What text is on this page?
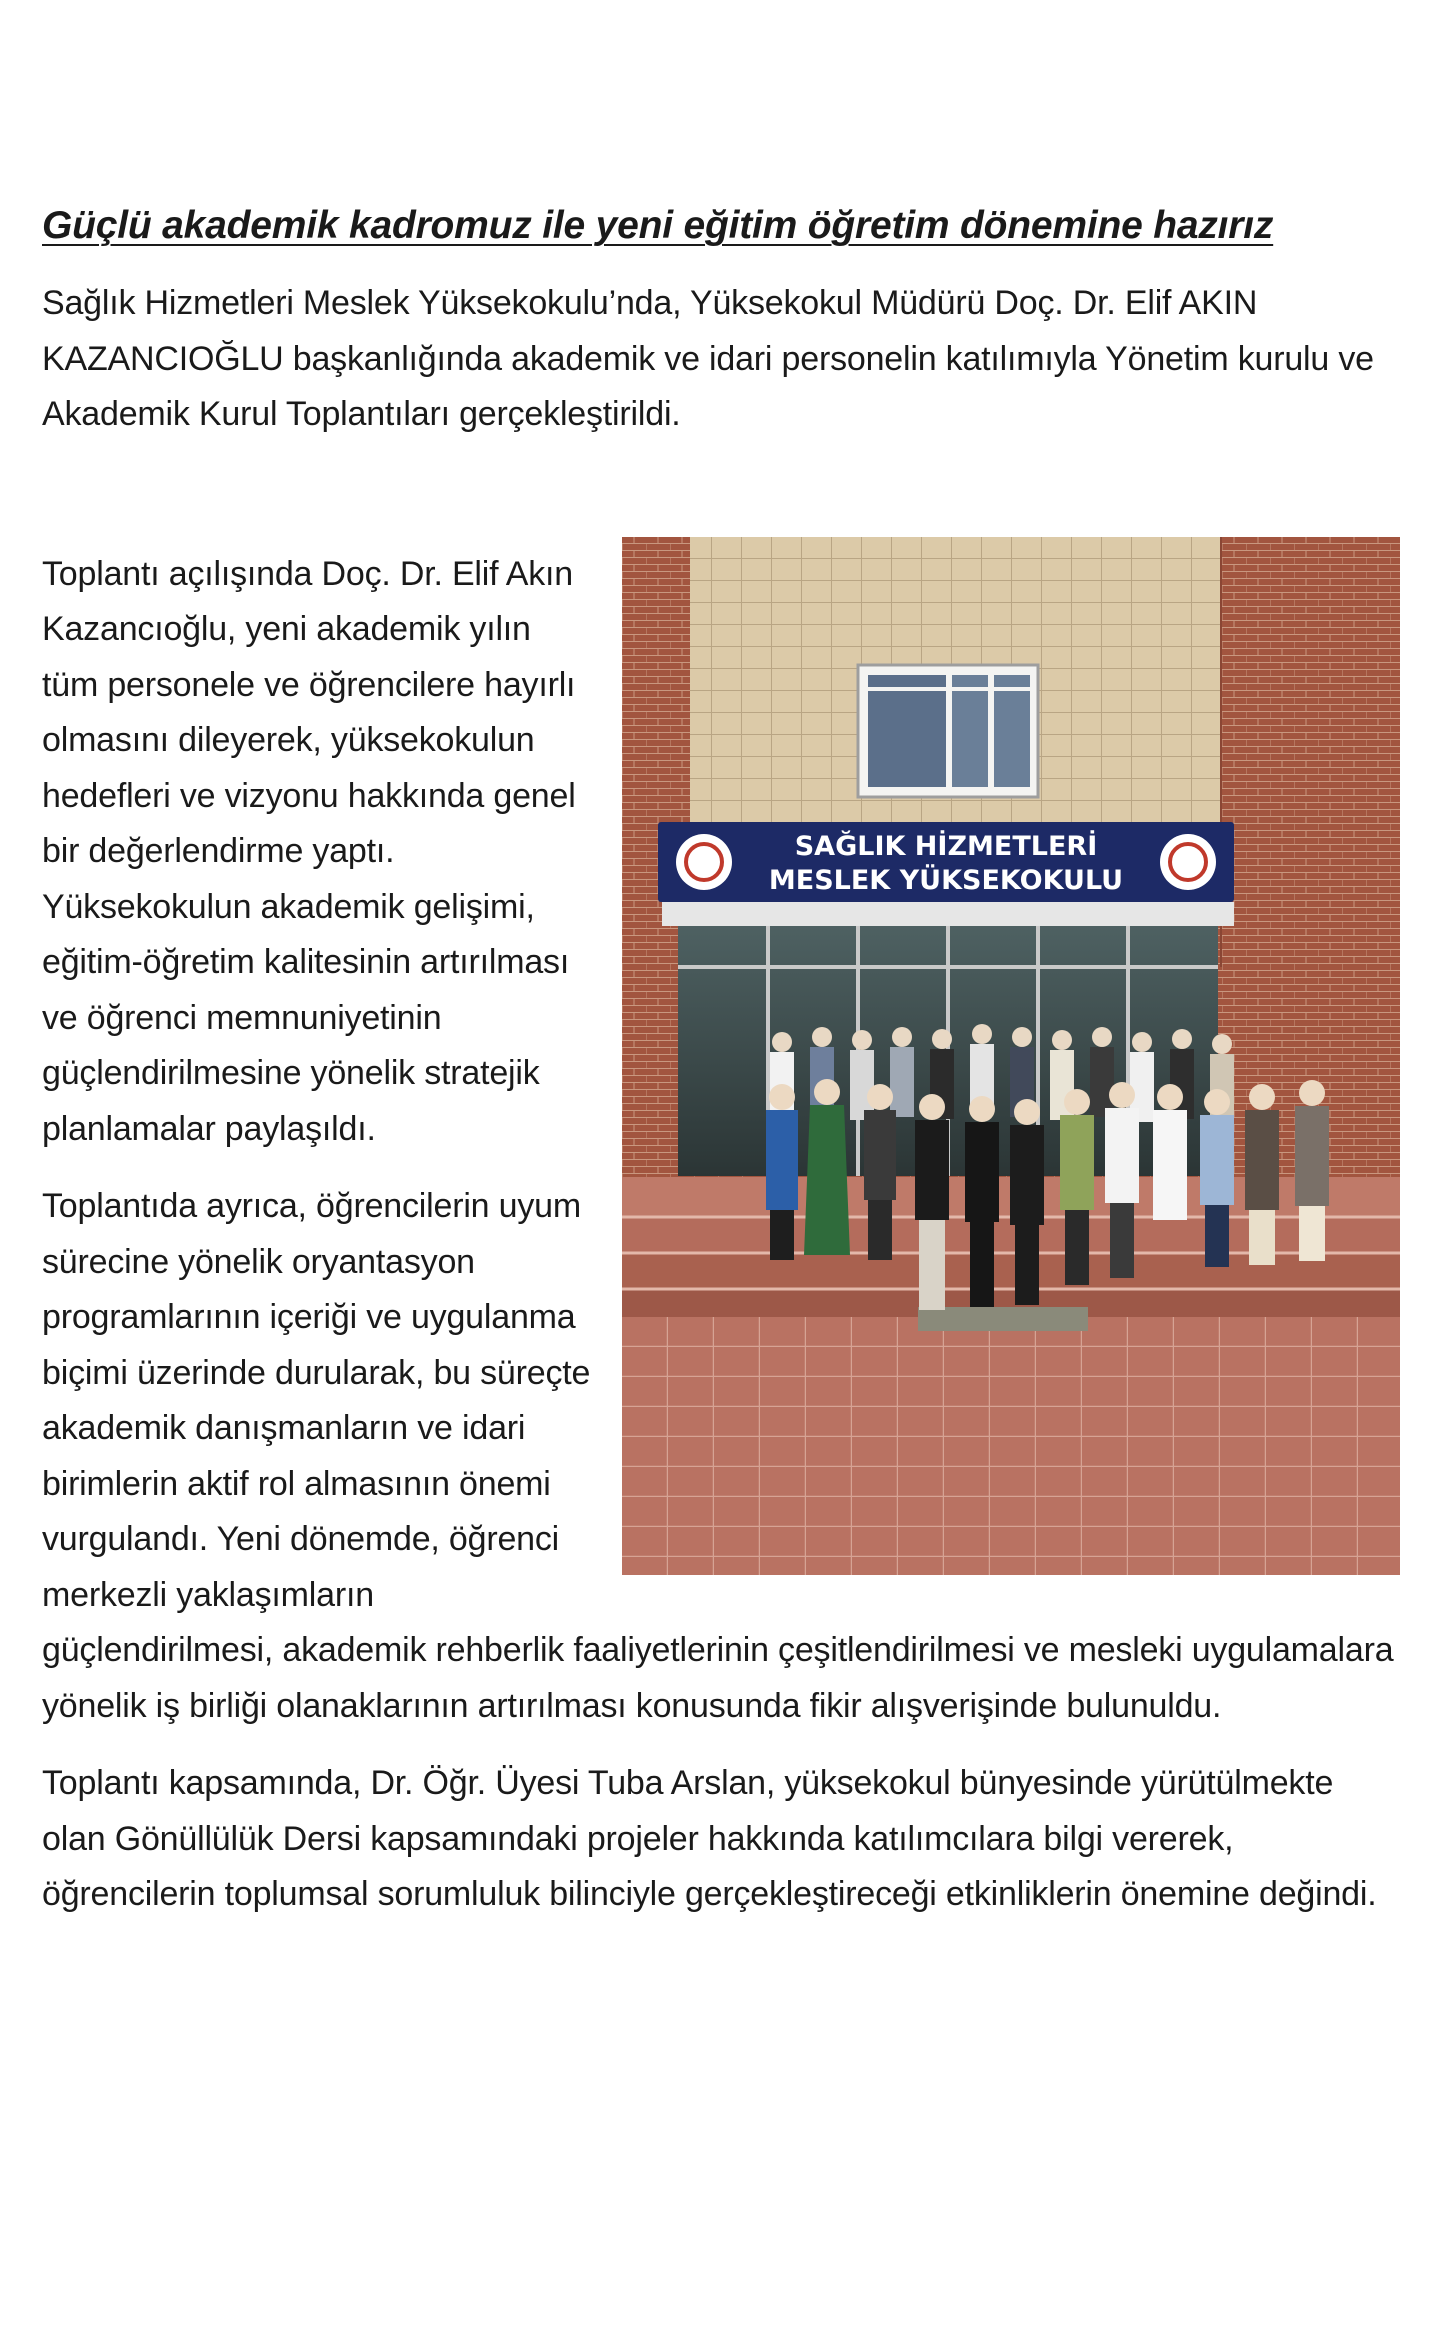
Güçlü akademik kadromuz ile yeni eğitim öğretim dönemine hazırız

Sağlık Hizmetleri Meslek Yüksekokulu’nda, Yüksekokul Müdürü Doç. Dr. Elif AKIN KAZANCIOĞLU başkanlığında akademik ve idari personelin katılımıyla Yönetim kurulu ve Akademik Kurul Toplantıları gerçekleştirildi.

SAĞLIK HİZMETLERİ
MESLEK YÜKSEKOKULU

Toplantı açılışında Doç. Dr. Elif Akın Kazancıoğlu, yeni akademik yılın tüm personele ve öğrencilere hayırlı olmasını dileyerek, yüksekokulun hedefleri ve vizyonu hakkında genel bir değerlendirme yaptı. Yüksekokulun akademik gelişimi, eğitim-öğretim kalitesinin artırılması ve öğrenci memnuniyetinin güçlendirilmesine yönelik stratejik planlamalar paylaşıldı.

Toplantıda ayrıca, öğrencilerin uyum sürecine yönelik oryantasyon programlarının içeriği ve uygulanma biçimi üzerinde durularak, bu süreçte akademik danışmanların ve idari birimlerin aktif rol almasının önemi vurgulandı. Yeni dönemde, öğrenci merkezli yaklaşımların güçlendirilmesi, akademik rehberlik faaliyetlerinin çeşitlendirilmesi ve mesleki uygulamalara yönelik iş birliği olanaklarının artırılması konusunda fikir alışverişinde bulunuldu.

Toplantı kapsamında, Dr. Öğr. Üyesi Tuba Arslan, yüksekokul bünyesinde yürütülmekte olan Gönüllülük Dersi kapsamındaki projeler hakkında katılımcılara bilgi vererek, öğrencilerin toplumsal sorumluluk bilinciyle gerçekleştireceği etkinliklerin önemine değindi.
